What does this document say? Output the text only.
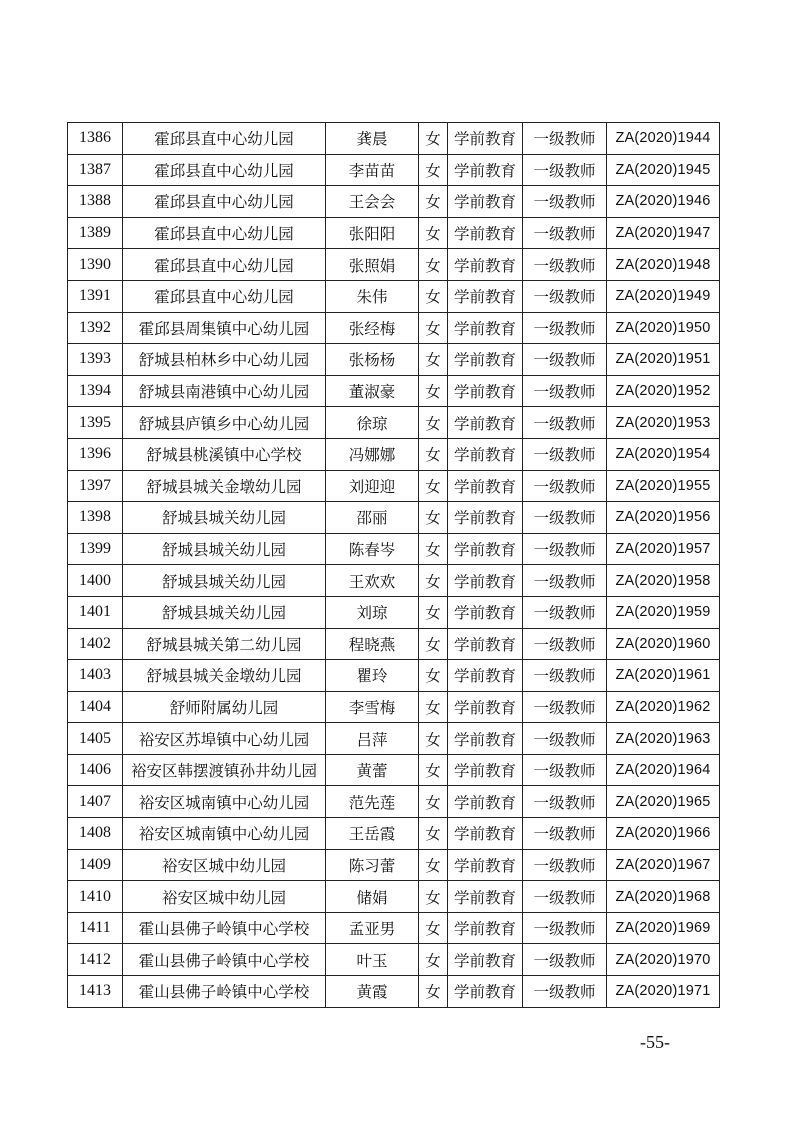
1386	霍邱县直中心幼儿园	龚晨	女	学前教育	一级教师	ZA(2020)1944
1387	霍邱县直中心幼儿园	李苗苗	女	学前教育	一级教师	ZA(2020)1945
1388	霍邱县直中心幼儿园	王会会	女	学前教育	一级教师	ZA(2020)1946
1389	霍邱县直中心幼儿园	张阳阳	女	学前教育	一级教师	ZA(2020)1947
1390	霍邱县直中心幼儿园	张照娟	女	学前教育	一级教师	ZA(2020)1948
1391	霍邱县直中心幼儿园	朱伟	女	学前教育	一级教师	ZA(2020)1949
1392	霍邱县周集镇中心幼儿园	张经梅	女	学前教育	一级教师	ZA(2020)1950
1393	舒城县柏林乡中心幼儿园	张杨杨	女	学前教育	一级教师	ZA(2020)1951
1394	舒城县南港镇中心幼儿园	董淑豪	女	学前教育	一级教师	ZA(2020)1952
1395	舒城县庐镇乡中心幼儿园	徐琼	女	学前教育	一级教师	ZA(2020)1953
1396	舒城县桃溪镇中心学校	冯娜娜	女	学前教育	一级教师	ZA(2020)1954
1397	舒城县城关金墩幼儿园	刘迎迎	女	学前教育	一级教师	ZA(2020)1955
1398	舒城县城关幼儿园	邵丽	女	学前教育	一级教师	ZA(2020)1956
1399	舒城县城关幼儿园	陈春岑	女	学前教育	一级教师	ZA(2020)1957
1400	舒城县城关幼儿园	王欢欢	女	学前教育	一级教师	ZA(2020)1958
1401	舒城县城关幼儿园	刘琼	女	学前教育	一级教师	ZA(2020)1959
1402	舒城县城关第二幼儿园	程晓燕	女	学前教育	一级教师	ZA(2020)1960
1403	舒城县城关金墩幼儿园	瞿玲	女	学前教育	一级教师	ZA(2020)1961
1404	舒师附属幼儿园	李雪梅	女	学前教育	一级教师	ZA(2020)1962
1405	裕安区苏埠镇中心幼儿园	吕萍	女	学前教育	一级教师	ZA(2020)1963
1406	裕安区韩摆渡镇孙井幼儿园	黄蕾	女	学前教育	一级教师	ZA(2020)1964
1407	裕安区城南镇中心幼儿园	范先莲	女	学前教育	一级教师	ZA(2020)1965
1408	裕安区城南镇中心幼儿园	王岳霞	女	学前教育	一级教师	ZA(2020)1966
1409	裕安区城中幼儿园	陈习蕾	女	学前教育	一级教师	ZA(2020)1967
1410	裕安区城中幼儿园	储娟	女	学前教育	一级教师	ZA(2020)1968
1411	霍山县佛子岭镇中心学校	孟亚男	女	学前教育	一级教师	ZA(2020)1969
1412	霍山县佛子岭镇中心学校	叶玉	女	学前教育	一级教师	ZA(2020)1970
1413	霍山县佛子岭镇中心学校	黄霞	女	学前教育	一级教师	ZA(2020)1971
-55-
